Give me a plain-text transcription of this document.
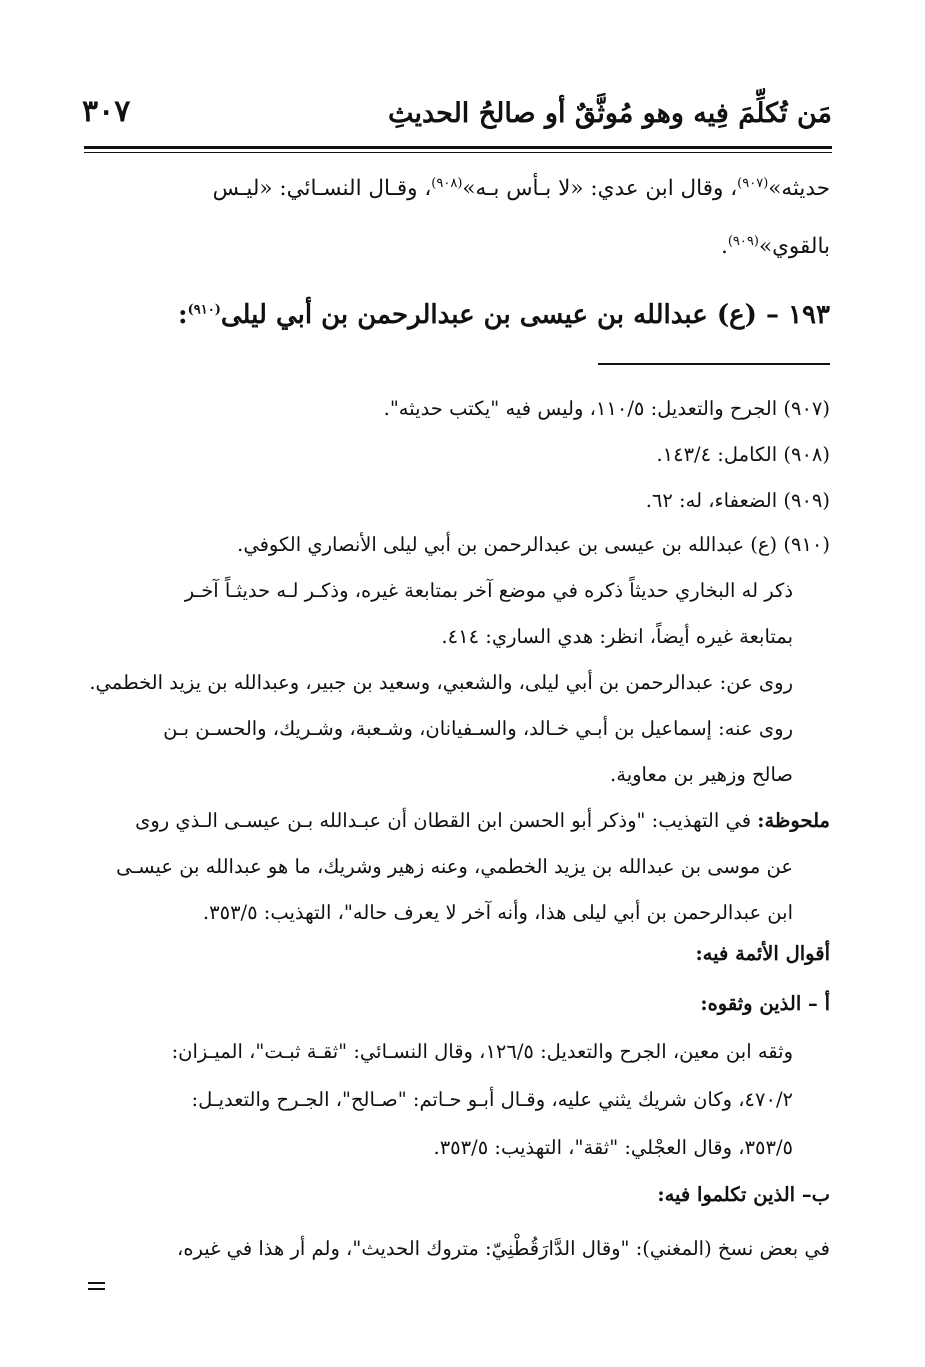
مَن تُكلِّمَ فِيه وهو مُوثَّقٌ أو صالحُ الحديثِ
٣٠٧
حديثه»$^{(٩٠٧)}$، وقال ابن عدي: «لا بـأس بـه»$^{(٩٠٨)}$، وقـال النسـائي: «ليـس
بالقوي»$^{(٩٠٩)}$.
١٩٣ – (ع) عبدالله بن عيسى بن عبدالرحمن بن أبي ليلى$^{(٩١٠)}$:
(٩٠٧) الجرح والتعديل: ١١٠/٥، وليس فيه "يكتب حديثه".
(٩٠٨) الكامل: ١٤٣/٤.
(٩٠٩) الضعفاء، له: ٦٢.
(٩١٠) (ع) عبدالله بن عيسى بن عبدالرحمن بن أبي ليلى الأنصاري الكوفي.
ذكر له البخاري حديثاً ذكره في موضع آخر بمتابعة غيره، وذكـر لـه حديثـاً آخـر
بمتابعة غيره أيضاً، انظر: هدي الساري: ٤١٤.
روى عن: عبدالرحمن بن أبي ليلى، والشعبي، وسعيد بن جبير، وعبدالله بن يزيد الخطمي.
روى عنه: إسماعيل بن أبـي خـالد، والسـفيانان، وشـعبة، وشـريك، والحسـن بـن
صالح وزهير بن معاوية.
ملحوظة: في التهذيب: "وذكر أبو الحسن ابن القطان أن عبـدالله بـن عيسـى الـذي روى
عن موسى بن عبدالله بن يزيد الخطمي، وعنه زهير وشريك، ما هو عبدالله بن عيسـى
ابن عبدالرحمن بن أبي ليلى هذا، وأنه آخر لا يعرف حاله"، التهذيب: ٣٥٣/٥.
أقوال الأئمة فيه:
أ – الذين وثقوه:
وثقه ابن معين، الجرح والتعديل: ١٢٦/٥، وقال النسـائي: "ثقـة ثبـت"، الميـزان:
٤٧٠/٢، وكان شريك يثني عليه، وقـال أبـو حـاتم: "صـالح"، الجـرح والتعديـل:
٣٥٣/٥، وقال العجْلي: "ثقة"، التهذيب: ٣٥٣/٥.
ب– الذين تكلموا فيه:
في بعض نسخ (المغني): "وقال الدَّارَقُطْنِيّ: متروك الحديث"، ولم أر هذا في غيره،
